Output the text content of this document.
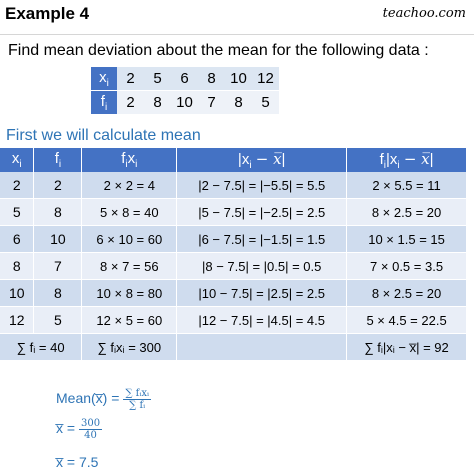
Example 4	teachoo.com
Find mean deviation about the mean for the following data :
$x_i$	2	5	6	8	10	12
$f_i$	2	8	10	7	8	5
First we will calculate mean
$x_i$	$f_i$	$f_ix_i$	$|x_i$ − x̅|	$f_i|x_i$ − x̅|
2	2	2 × 2 = 4	|2 − 7.5| = |−5.5| = 5.5	2 × 5.5 = 11
5	8	5 × 8 = 40	|5 − 7.5| = |−2.5| = 2.5	8 × 2.5 = 20
6	10	6 × 10 = 60	|6 − 7.5| = |−1.5| = 1.5	10 × 1.5 = 15
8	7	8 × 7 = 56	|8 − 7.5| = |0.5| = 0.5	7 × 0.5 = 3.5
10	8	10 × 8 = 80	|10 − 7.5| = |2.5| = 2.5	8 × 2.5 = 20
12	5	12 × 5 = 60	|12 − 7.5| = |4.5| = 4.5	5 × 4.5 = 22.5
∑ fᵢ = 40		∑ fᵢxᵢ = 300		∑ fᵢ|xᵢ − x̅| = 92
Mean(x̅) = $\frac{\text{∑ fᵢxᵢ}}{\text{∑ fᵢ}}$
x̅ = $\frac{300}{40}$
x̅ = 7.5
